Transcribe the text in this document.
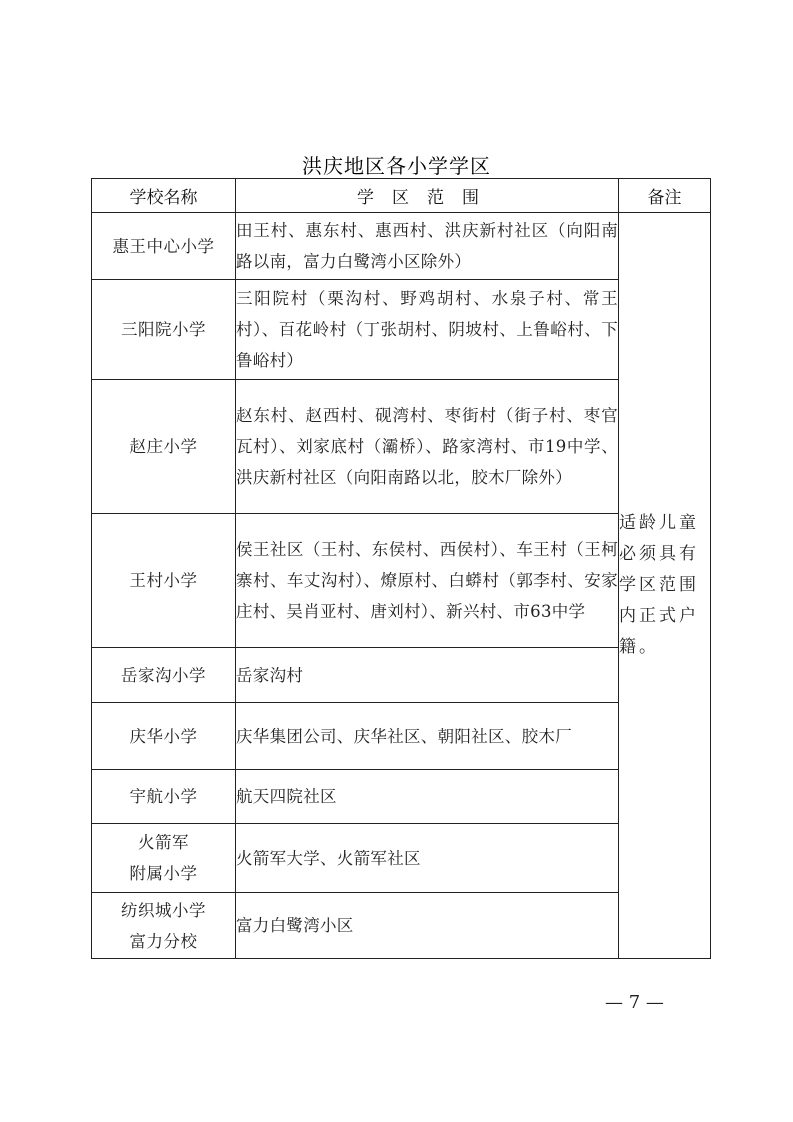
洪庆地区各小学学区
学校名称	学区范围	备注
惠王中心小学	田王村、惠东村、惠西村、洪庆新村社区（向阳南路以南，富力白鹭湾小区除外）	适龄儿童必须具有学区范围内正式户籍。
三阳院小学	三阳院村（栗沟村、野鸡胡村、水泉子村、常王村）、百花岭村（丁张胡村、阴坡村、上鲁峪村、下鲁峪村）	
赵庄小学	赵东村、赵西村、砚湾村、枣街村（街子村、枣官瓦村）、刘家底村（灞桥）、路家湾村、市19中学、洪庆新村社区（向阳南路以北，胶木厂除外）	
王村小学	侯王社区（王村、东侯村、西侯村）、车王村（王柯寨村、车丈沟村）、燎原村、白蟒村（郭李村、安家庄村、吴肖亚村、唐刘村）、新兴村、市63中学	
岳家沟小学	岳家沟村	
庆华小学	庆华集团公司、庆华社区、朝阳社区、胶木厂	
宇航小学	航天四院社区	

火箭军
附属小学	火箭军大学、火箭军社区	

纺织城小学
富力分校	富力白鹭湾小区	
— 7 —
